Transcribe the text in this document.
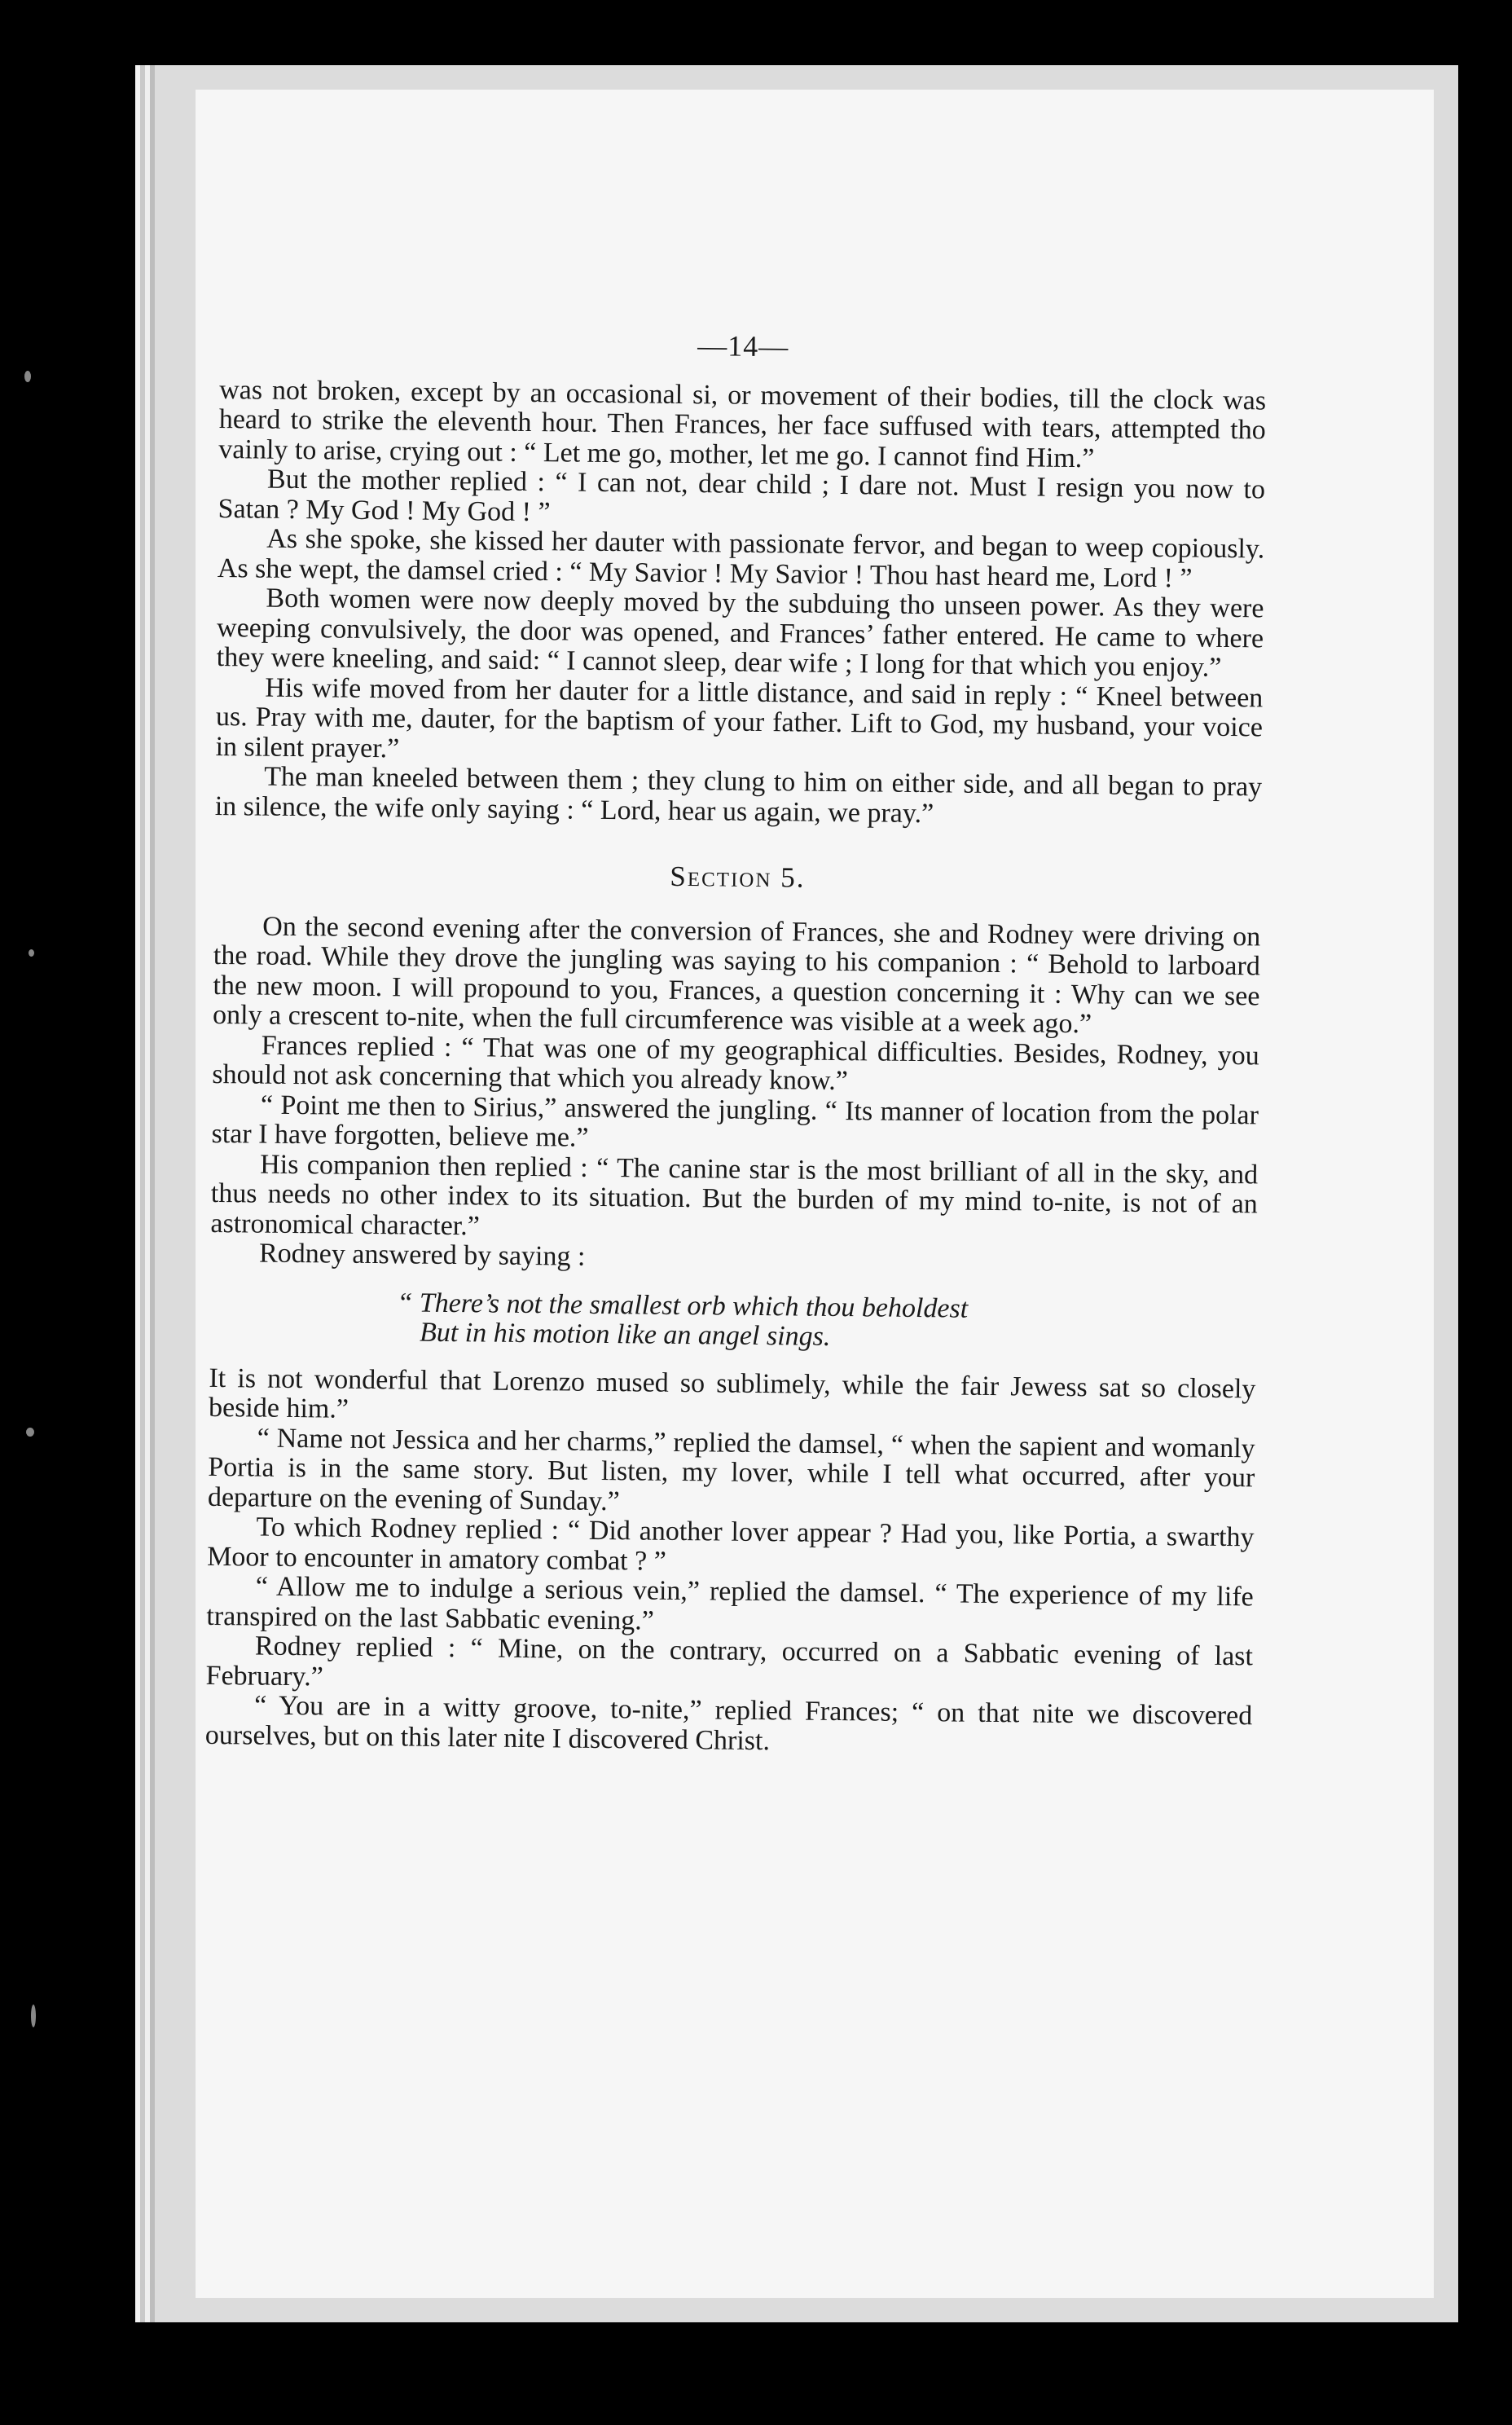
—14—

was not broken, except by an occasional si, or movement of their bodies, till the clock was heard to strike the eleventh hour. Then Frances, her face suffused with tears, attempted tho vainly to arise, crying out : “ Let me go, mother, let me go. I cannot find Him.”

But the mother replied : “ I can not, dear child ; I dare not. Must I resign you now to Satan ? My God ! My God ! ”

As she spoke, she kissed her dauter with passionate fervor, and began to weep copiously. As she wept, the damsel cried : “ My Savior ! My Savior ! Thou hast heard me, Lord ! ”

Both women were now deeply moved by the subduing tho unseen power. As they were weeping convulsively, the door was opened, and Frances’ father entered. He came to where they were kneeling, and said: “ I cannot sleep, dear wife ; I long for that which you enjoy.”

His wife moved from her dauter for a little distance, and said in reply : “ Kneel between us. Pray with me, dauter, for the baptism of your father. Lift to God, my husband, your voice in silent prayer.”

The man kneeled between them ; they clung to him on either side, and all began to pray in silence, the wife only saying : “ Lord, hear us again, we pray.”

Section 5.

On the second evening after the conversion of Frances, she and Rodney were driving on the road. While they drove the jungling was saying to his companion : “ Behold to larboard the new moon. I will propound to you, Frances, a question concerning it : Why can we see only a crescent to-nite, when the full circumference was visible at a week ago.”

Frances replied : “ That was one of my geographical difficulties. Besides, Rodney, you should not ask concerning that which you already know.”

“ Point me then to Sirius,” answered the jungling. “ Its manner of location from the polar star I have forgotten, believe me.”

His companion then replied : “ The canine star is the most brilliant of all in the sky, and thus needs no other index to its situation. But the burden of my mind to-nite, is not of an astronomical character.”

Rodney answered by saying :

“ There’s not the smallest orb which thou beholdest
But in his motion like an angel sings.

It is not wonderful that Lorenzo mused so sublimely, while the fair Jewess sat so closely beside him.”

“ Name not Jessica and her charms,” replied the damsel, “ when the sapient and womanly Portia is in the same story. But listen, my lover, while I tell what occurred, after your departure on the evening of Sunday.”

To which Rodney replied : “ Did another lover appear ? Had you, like Portia, a swarthy Moor to encounter in amatory combat ? ”

“ Allow me to indulge a serious vein,” replied the damsel. “ The experience of my life transpired on the last Sabbatic evening.”

Rodney replied : “ Mine, on the contrary, occurred on a Sabbatic evening of last February.”

“ You are in a witty groove, to-nite,” replied Frances; “ on that nite we discovered ourselves, but on this later nite I discovered Christ.
